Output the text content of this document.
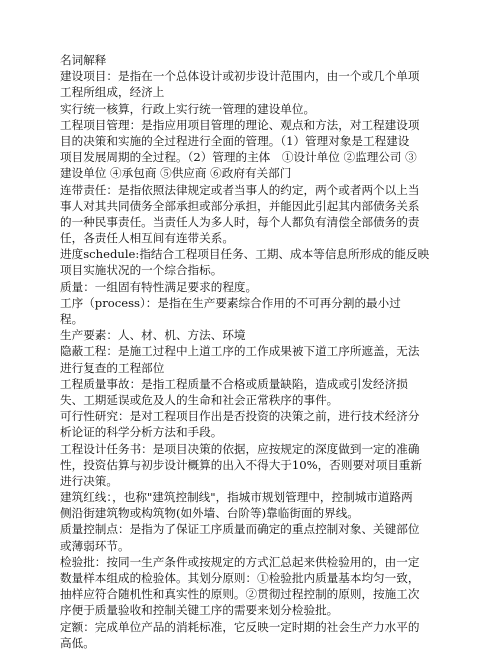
名词解释
建设项目：是指在一个总体设计或初步设计范围内，由一个或几个单项
工程所组成，经济上
实行统一核算，行政上实行统一管理的建设单位。
工程项目管理：是指应用项目管理的理论、观点和方法，对工程建设项
目的决策和实施的全过程进行全面的管理。（1）管理对象是工程建设
项目发展周期的全过程。（2）管理的主体　①设计单位 ②监理公司 ③
建设单位 ④承包商 ⑤供应商 ⑥政府有关部门
连带责任：是指依照法律规定或者当事人的约定，两个或者两个以上当
事人对其共同债务全部承担或部分承担，并能因此引起其内部债务关系
的一种民事责任。当责任人为多人时，每个人都负有清偿全部债务的责
任，各责任人相互间有连带关系。
进度schedule:指结合工程项目任务、工期、成本等信息所形成的能反映
项目实施状况的一个综合指标。
质量：一组固有特性满足要求的程度。
工序（process）：是指在生产要素综合作用的不可再分割的最小过
程。
生产要素：人、材、机、方法、环境
隐蔽工程：是施工过程中上道工序的工作成果被下道工序所遮盖，无法
进行复查的工程部位
工程质量事故：是指工程质量不合格或质量缺陷，造成或引发经济损
失、工期延误或危及人的生命和社会正常秩序的事件。
可行性研究：是对工程项目作出是否投资的决策之前，进行技术经济分
析论证的科学分析方法和手段。
工程设计任务书：是项目决策的依据，应按规定的深度做到一定的准确
性，投资估算与初步设计概算的出入不得大于10%，否则要对项目重新
进行决策。
建筑红线：，也称"建筑控制线"，指城市规划管理中，控制城市道路两
侧沿街建筑物或构筑物(如外墙、台阶等)靠临街面的界线。
质量控制点：是指为了保证工序质量而确定的重点控制对象、关键部位
或薄弱环节。
检验批：按同一生产条件或按规定的方式汇总起来供检验用的，由一定
数量样本组成的检验体。其划分原则：①检验批内质量基本均匀一致，
抽样应符合随机性和真实性的原则。②贯彻过程控制的原则，按施工次
序便于质量验收和控制关键工序的需要来划分检验批。
定额：完成单位产品的消耗标准，它反映一定时期的社会生产力水平的
高低。
